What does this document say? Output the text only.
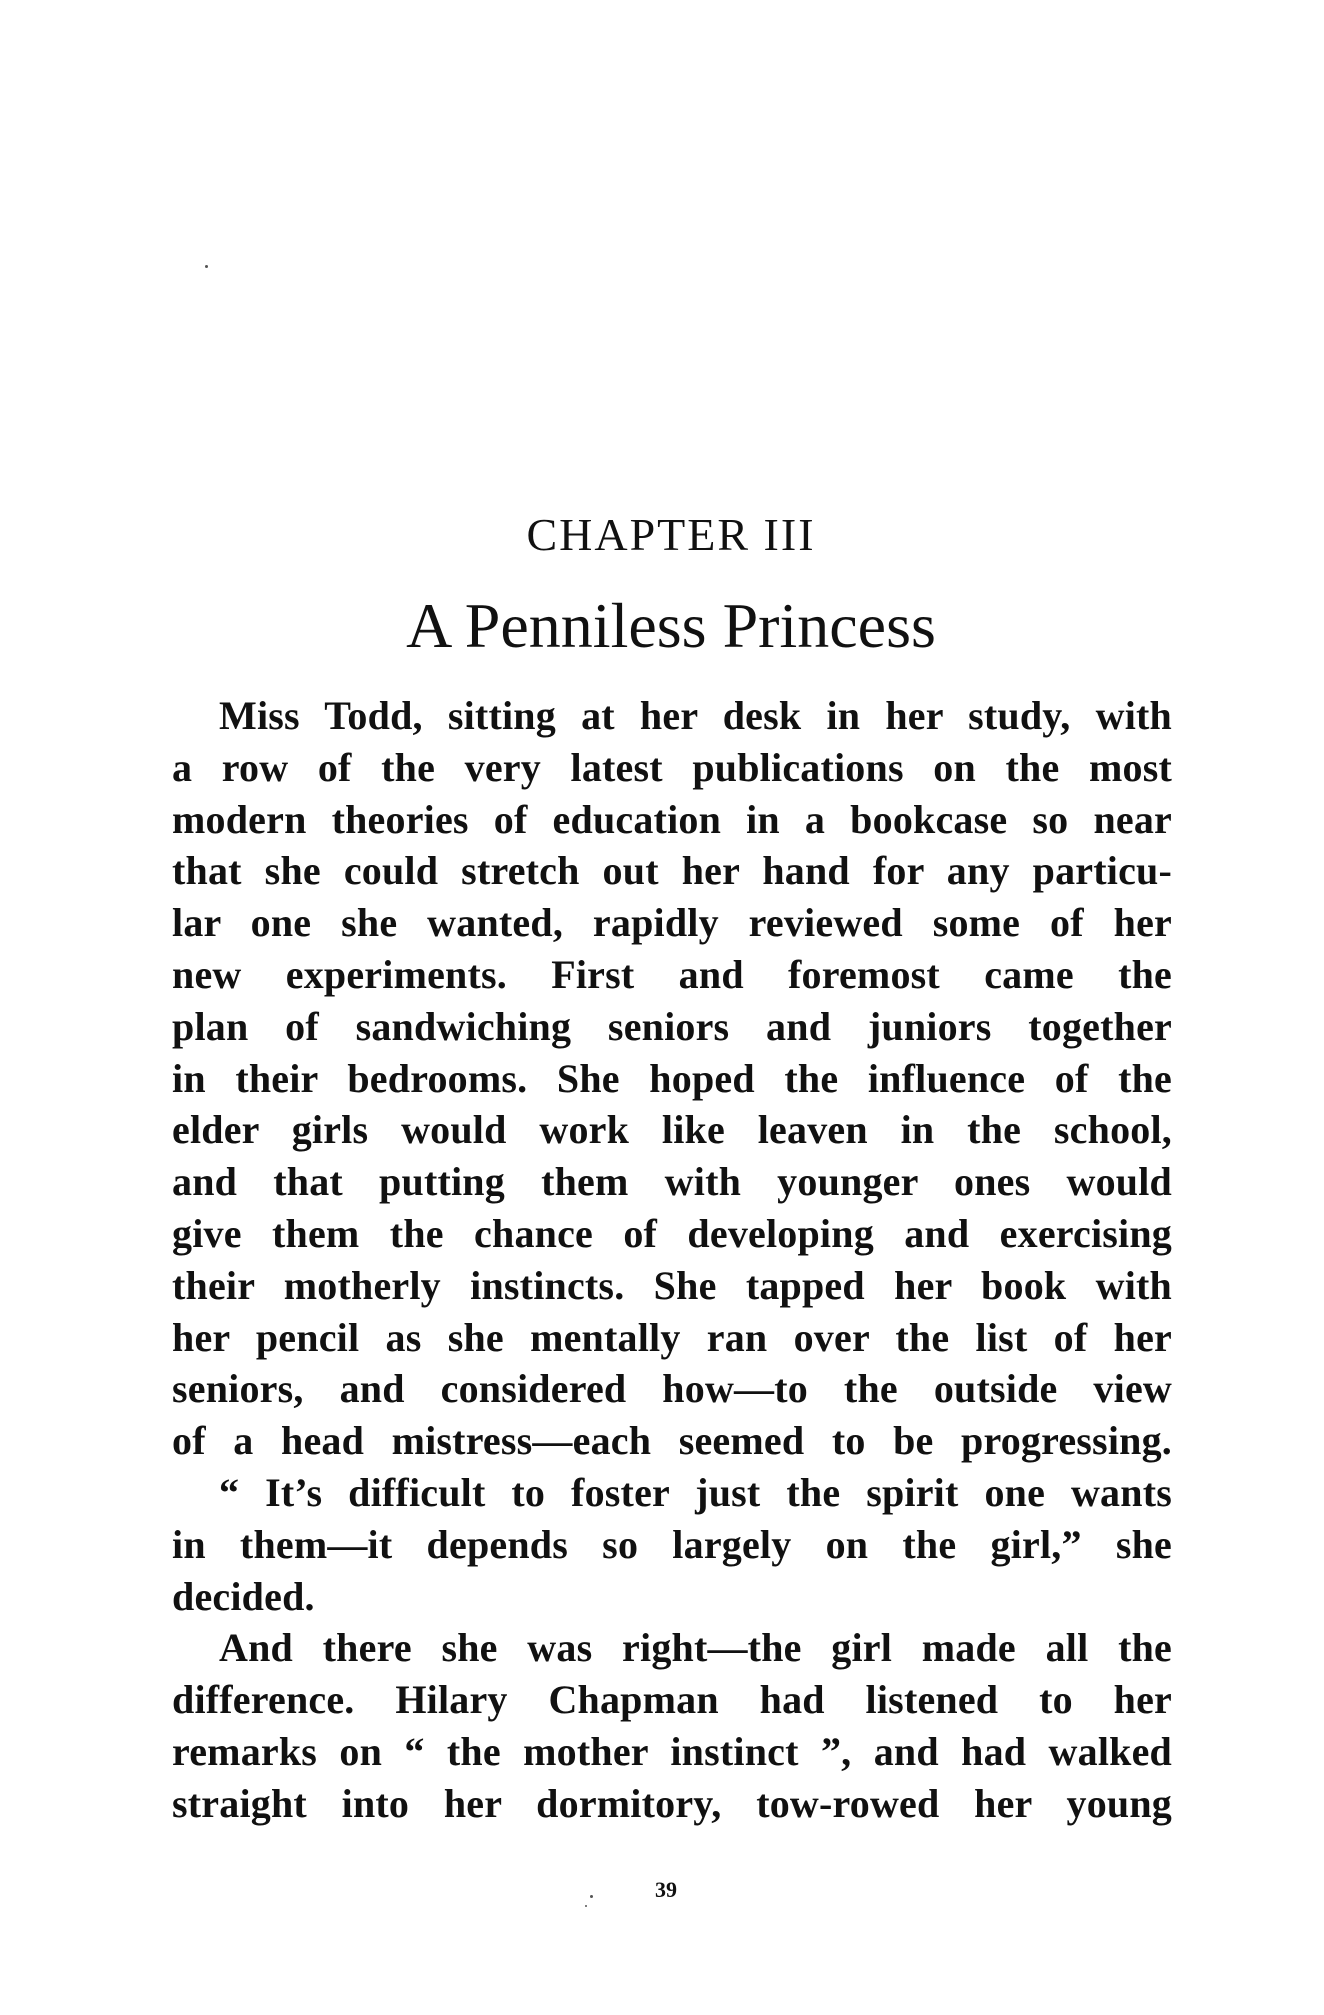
CHAPTER III
A Penniless Princess
Miss Todd, sitting at her desk in her study, with
a row of the very latest publications on the most
modern theories of education in a bookcase so near
that she could stretch out her hand for any particu-
lar one she wanted, rapidly reviewed some of her
new experiments. First and foremost came the
plan of sandwiching seniors and juniors together
in their bedrooms. She hoped the influence of the
elder girls would work like leaven in the school,
and that putting them with younger ones would
give them the chance of developing and exercising
their motherly instincts. She tapped her book with
her pencil as she mentally ran over the list of her
seniors, and considered how—to the outside view
of a head mistress—each seemed to be progressing.
“ It’s difficult to foster just the spirit one wants
in them—it depends so largely on the girl,” she
decided.
And there she was right—the girl made all the
difference. Hilary Chapman had listened to her
remarks on “ the mother instinct ”, and had walked
straight into her dormitory, tow-rowed her young
39
